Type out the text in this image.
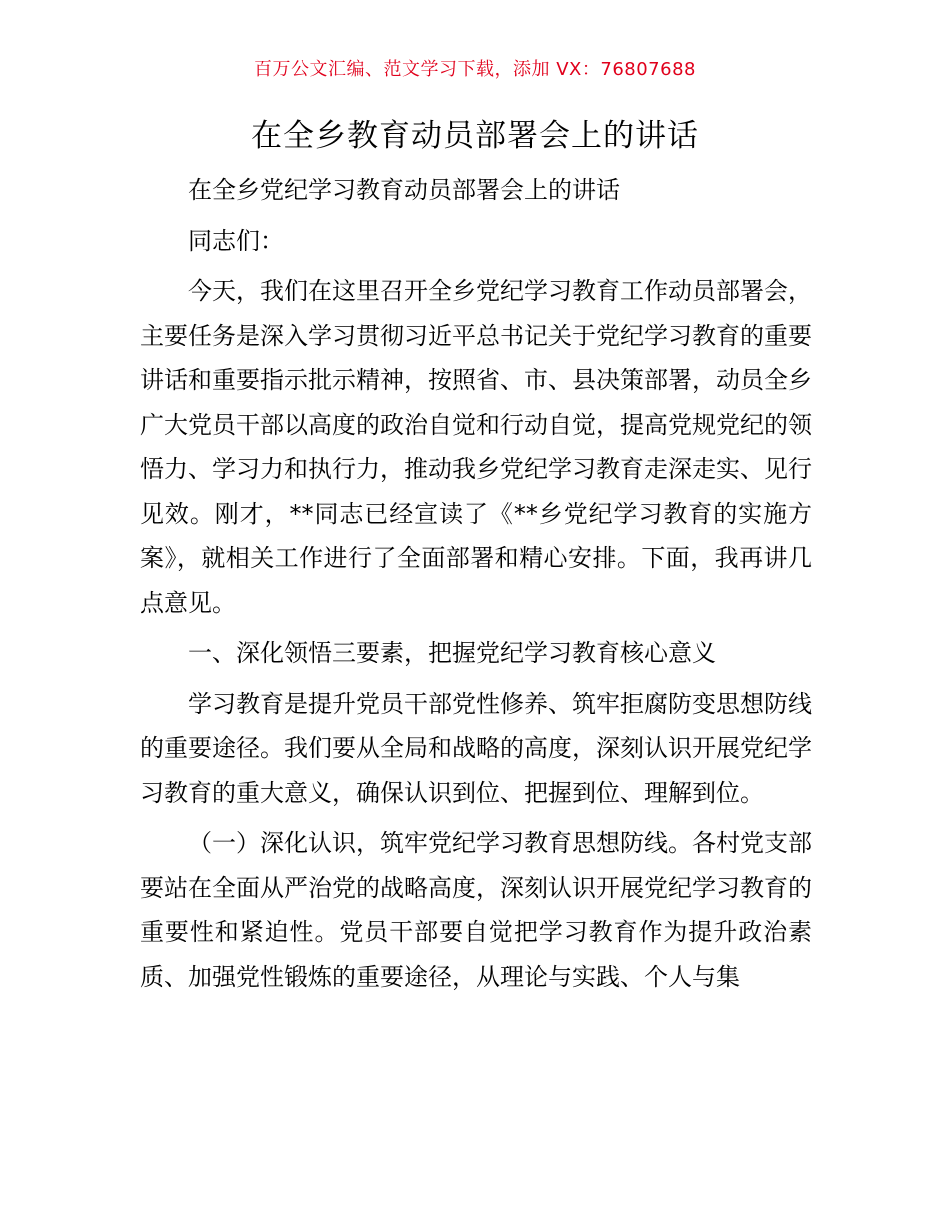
百万公文汇编、范文学习下载，添加 VX：76807688
在全乡教育动员部署会上的讲话

在全乡党纪学习教育动员部署会上的讲话

同志们：

今天，我们在这里召开全乡党纪学习教育工作动员部署会，主要任务是深入学习贯彻习近平总书记关于党纪学习教育的重要讲话和重要指示批示精神，按照省、市、县决策部署，动员全乡广大党员干部以高度的政治自觉和行动自觉，提高党规党纪的领悟力、学习力和执行力，推动我乡党纪学习教育走深走实、见行见效。刚才，**同志已经宣读了《**乡党纪学习教育的实施方案》，就相关工作进行了全面部署和精心安排。下面，我再讲几点意见。

一、深化领悟三要素，把握党纪学习教育核心意义

学习教育是提升党员干部党性修养、筑牢拒腐防变思想防线的重要途径。我们要从全局和战略的高度，深刻认识开展党纪学习教育的重大意义，确保认识到位、把握到位、理解到位。

（一）深化认识，筑牢党纪学习教育思想防线。各村党支部要站在全面从严治党的战略高度，深刻认识开展党纪学习教育的重要性和紧迫性。党员干部要自觉把学习教育作为提升政治素质、加强党性锻炼的重要途径，从理论与实践、个人与集
